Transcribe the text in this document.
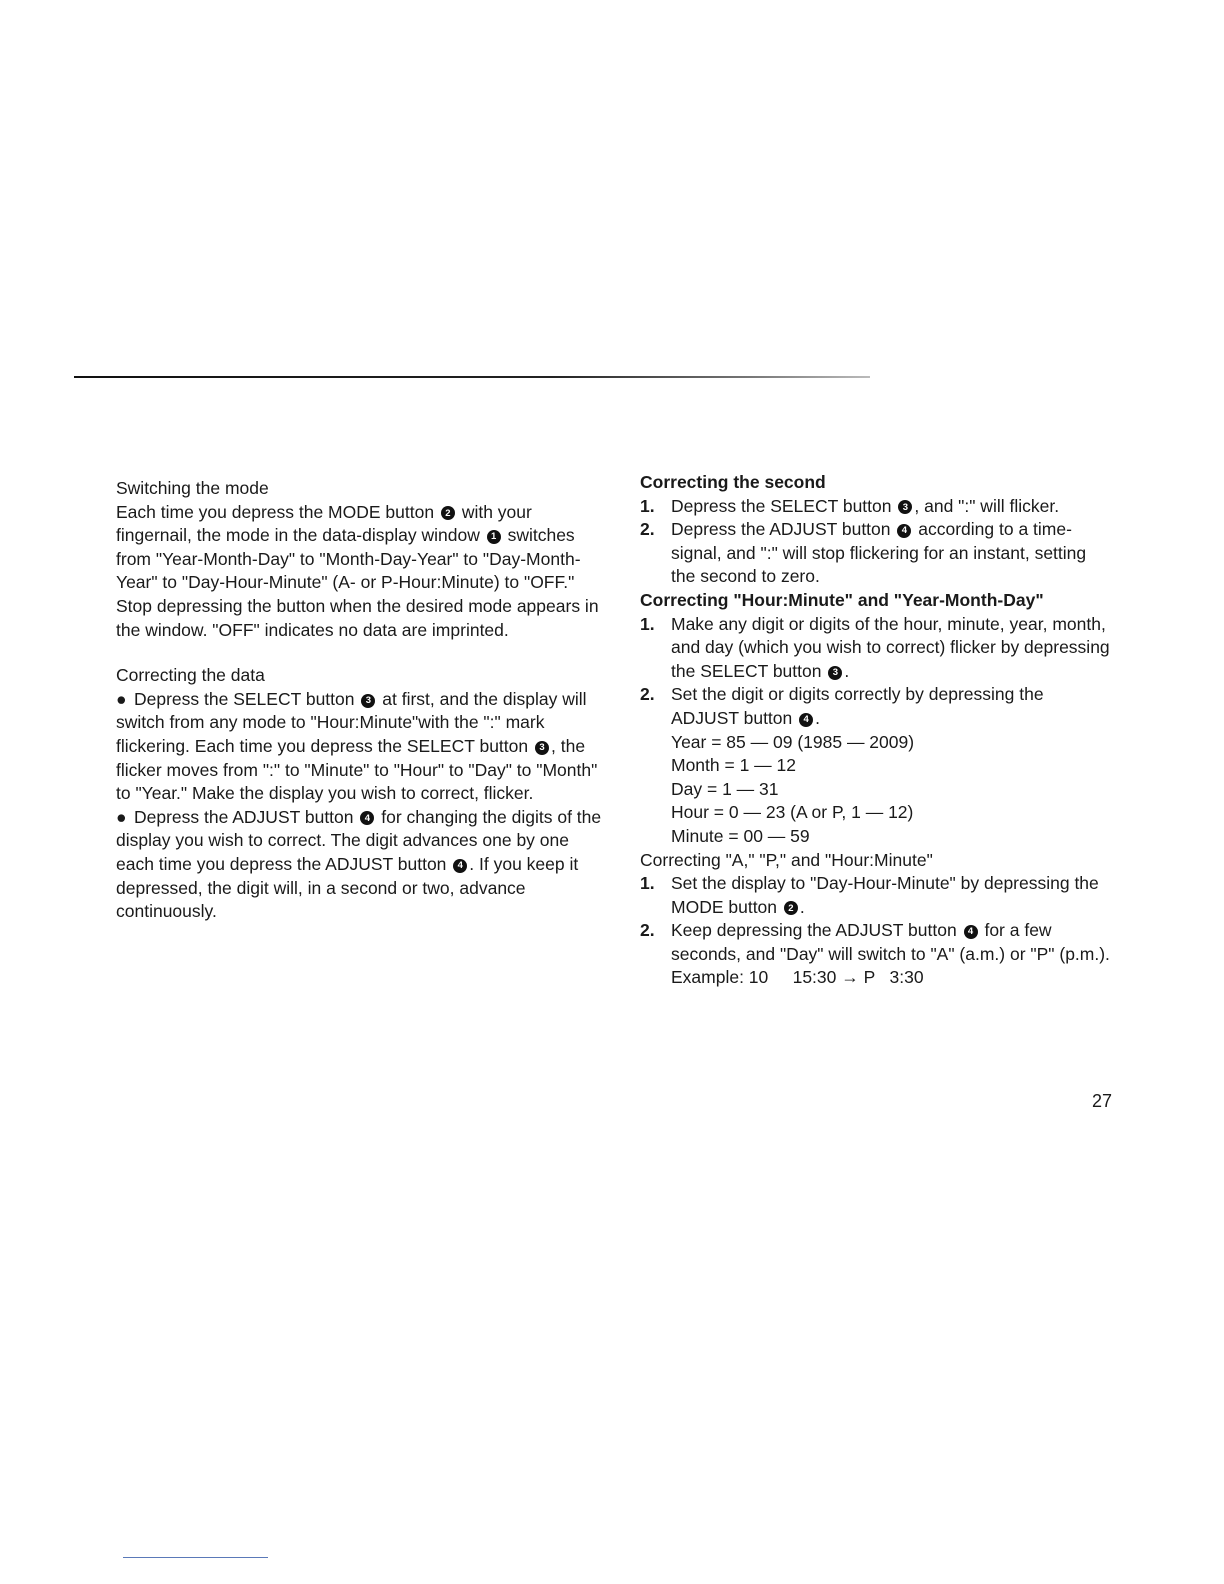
Switching the mode

Each time you depress the MODE button 2 with your fingernail, the mode in the data-display window 1 switches from "Year-Month-Day" to "Month-Day-Year" to "Day-Month-Year" to "Day-Hour-Minute" (A- or P-Hour:Minute) to "OFF." Stop depressing the button when the desired mode appears in the window. "OFF" indicates no data are imprinted.

Correcting the data

● Depress the SELECT button 3 at first, and the display will switch from any mode to "Hour:Minute"with the ":" mark flickering. Each time you depress the SELECT button 3 , the flicker moves from ":" to "Minute" to "Hour" to "Day" to "Month" to "Year." Make the display you wish to correct, flicker.

● Depress the ADJUST button 4 for changing the digits of the display you wish to correct. The digit advances one by one each time you depress the ADJUST button 4 . If you keep it depressed, the digit will, in a second or two, advance continuously.

Correcting the second
1. Depress the SELECT button 3 , and ":" will flicker.
2. Depress the ADJUST button 4 according to a time-signal, and ":" will stop flickering for an instant, setting the second to zero.
Correcting "Hour:Minute" and "Year-Month-Day"
1. Make any digit or digits of the hour, minute, year, month, and day (which you wish to correct) flicker by depressing the SELECT button 3 .
2. Set the digit or digits correctly by depressing the ADJUST button 4 .
Year = 85 — 09 (1985 — 2009)
Month = 1 — 12
Day = 1 — 31
Hour = 0 — 23 (A or P, 1 — 12)
Minute = 00 — 59
Correcting "A," "P," and "Hour:Minute"
1. Set the display to "Day-Hour-Minute" by depressing the MODE button 2 .
2. Keep depressing the ADJUST button 4 for a few seconds, and "Day" will switch to "A" (a.m.) or "P" (p.m.).
Example: 10     15:30 → P   3:30
27
